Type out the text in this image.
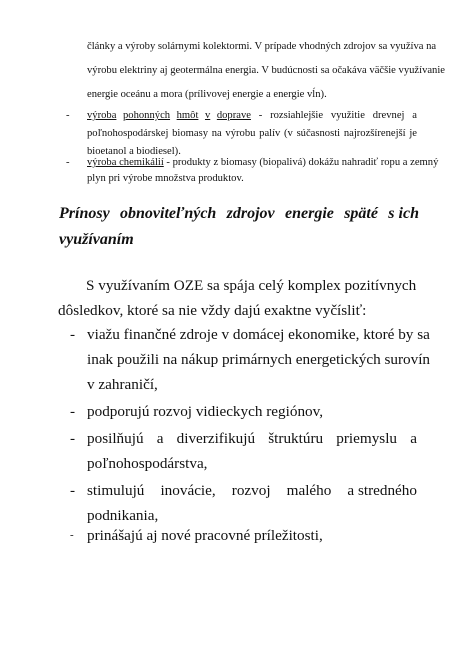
články a výroby solárnymi kolektormi. V prípade vhodných zdrojov sa využíva na
výrobu elektriny aj geotermálna energia. V budúcnosti sa očakáva väčšie využívanie
energie oceánu a mora (prílivovej energie a energie vĺn).
- výroba pohonných hmôt v doprave - rozsiahlejšie využitie drevnej a
poľnohospodárskej biomasy na výrobu palív (v súčasnosti najrozšírenejší je
bioetanol a biodiesel).
- výroba chemikálií - produkty z biomasy (biopalivá) dokážu nahradiť ropu a zemný
plyn pri výrobe množstva produktov.
Prínosy obnoviteľných zdrojov energie späté s ich
využívaním
S využívaním OZE sa spája celý komplex pozitívnych
dôsledkov, ktoré sa nie vždy dajú exaktne vyčísliť:
- viažu finančné zdroje v domácej ekonomike, ktoré by sa
inak použili na nákup primárnych energetických surovín
v zahraničí,
- podporujú rozvoj vidieckych regiónov,
- posilňujú a diverzifikujú štruktúru priemyslu a
poľnohospodárstva,
- stimulujú inovácie, rozvoj malého a stredného
podnikania,
- prinášajú aj nové pracovné príležitosti,
